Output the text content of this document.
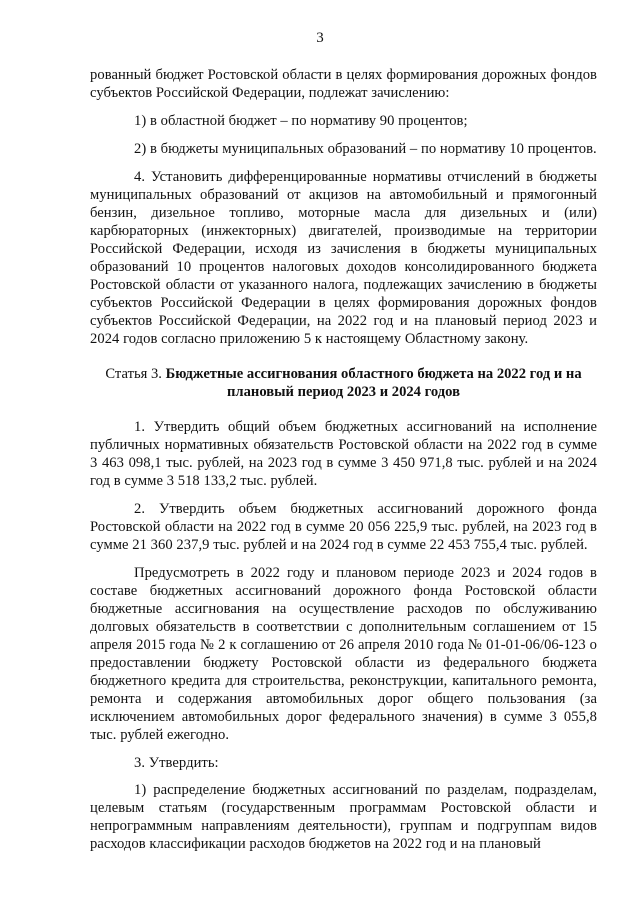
3

рованный бюджет Ростовской области в целях формирования дорожных фондов субъектов Российской Федерации, подлежат зачислению:

1) в областной бюджет – по нормативу 90 процентов;

2) в бюджеты муниципальных образований – по нормативу 10 процентов.

4. Установить дифференцированные нормативы отчислений в бюджеты муниципальных образований от акцизов на автомобильный и прямогонный бензин, дизельное топливо, моторные масла для дизельных и (или) карбюраторных (инжекторных) двигателей, производимые на территории Российской Федерации, исходя из зачисления в бюджеты муниципальных образований 10 процентов налоговых доходов консолидированного бюджета Ростовской области от указанного налога, подлежащих зачислению в бюджеты субъектов Российской Федерации в целях формирования дорожных фондов субъектов Российской Федерации, на 2022 год и на плановый период 2023 и 2024 годов согласно приложению 5 к настоящему Областному закону.

Статья 3. Бюджетные ассигнования областного бюджета на 2022 год и на плановый период 2023 и 2024 годов

1. Утвердить общий объем бюджетных ассигнований на исполнение публичных нормативных обязательств Ростовской области на 2022 год в сумме 3 463 098,1 тыс. рублей, на 2023 год в сумме 3 450 971,8 тыс. рублей и на 2024 год в сумме 3 518 133,2 тыс. рублей.

2. Утвердить объем бюджетных ассигнований дорожного фонда Ростовской области на 2022 год в сумме 20 056 225,9 тыс. рублей, на 2023 год в сумме 21 360 237,9 тыс. рублей и на 2024 год в сумме 22 453 755,4 тыс. рублей.

Предусмотреть в 2022 году и плановом периоде 2023 и 2024 годов в составе бюджетных ассигнований дорожного фонда Ростовской области бюджетные ассигнования на осуществление расходов по обслуживанию долговых обязательств в соответствии с дополнительным соглашением от 15 апреля 2015 года № 2 к соглашению от 26 апреля 2010 года № 01-01-06/06-123 о предоставлении бюджету Ростовской области из федерального бюджета бюджетного кредита для строительства, реконструкции, капитального ремонта, ремонта и содержания автомобильных дорог общего пользования (за исключением автомобильных дорог федерального значения) в сумме 3 055,8 тыс. рублей ежегодно.

3. Утвердить:

1) распределение бюджетных ассигнований по разделам, подразделам, целевым статьям (государственным программам Ростовской области и непрограммным направлениям деятельности), группам и подгруппам видов расходов классификации расходов бюджетов на 2022 год и на плановый
